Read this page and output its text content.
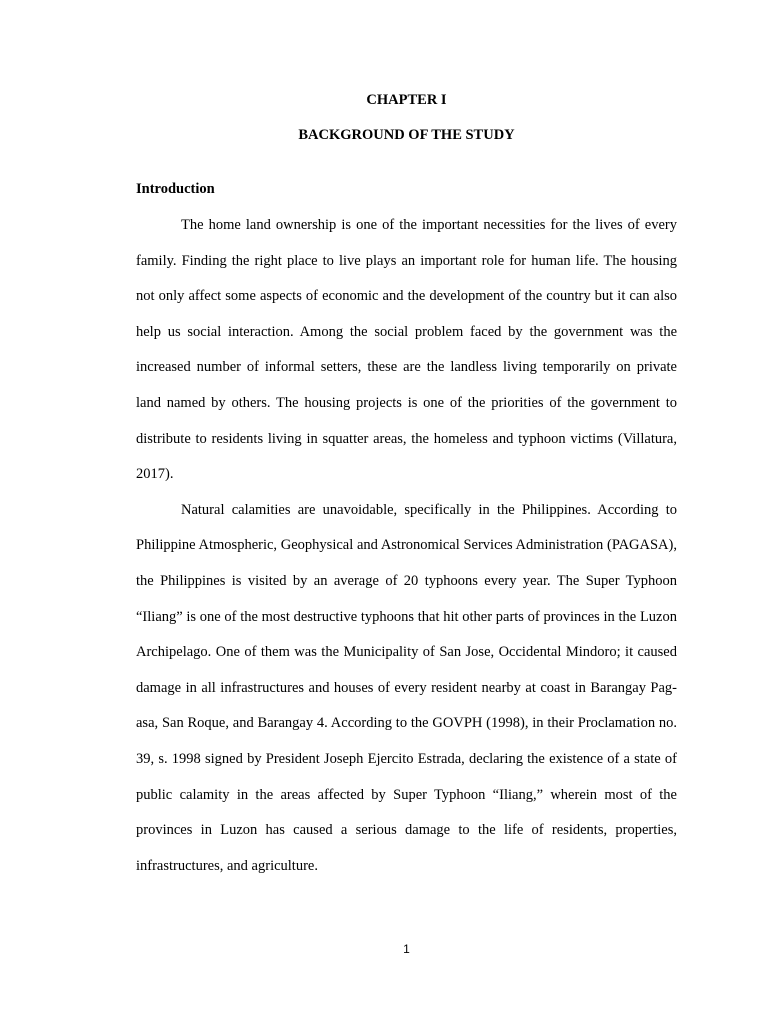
CHAPTER I
BACKGROUND OF THE STUDY
Introduction

The home land ownership is one of the important necessities for the lives of every family. Finding the right place to live plays an important role for human life. The housing not only affect some aspects of economic and the development of the country but it can also help us social interaction. Among the social problem faced by the government was the increased number of informal setters, these are the landless living temporarily on private land named by others. The housing projects is one of the priorities of the government to distribute to residents living in squatter areas, the homeless and typhoon victims (Villatura, 2017).

Natural calamities are unavoidable, specifically in the Philippines. According to Philippine Atmospheric, Geophysical and Astronomical Services Administration (PAGASA), the Philippines is visited by an average of 20 typhoons every year. The Super Typhoon “Iliang” is one of the most destructive typhoons that hit other parts of provinces in the Luzon Archipelago. One of them was the Municipality of San Jose, Occidental Mindoro; it caused damage in all infrastructures and houses of every resident nearby at coast in Barangay Pag-asa, San Roque, and Barangay 4. According to the GOVPH (1998), in their Proclamation no. 39, s. 1998 signed by President Joseph Ejercito Estrada, declaring the existence of a state of public calamity in the areas affected by Super Typhoon “Iliang,” wherein most of the provinces in Luzon has caused a serious damage to the life of residents, properties, infrastructures, and agriculture.

1
